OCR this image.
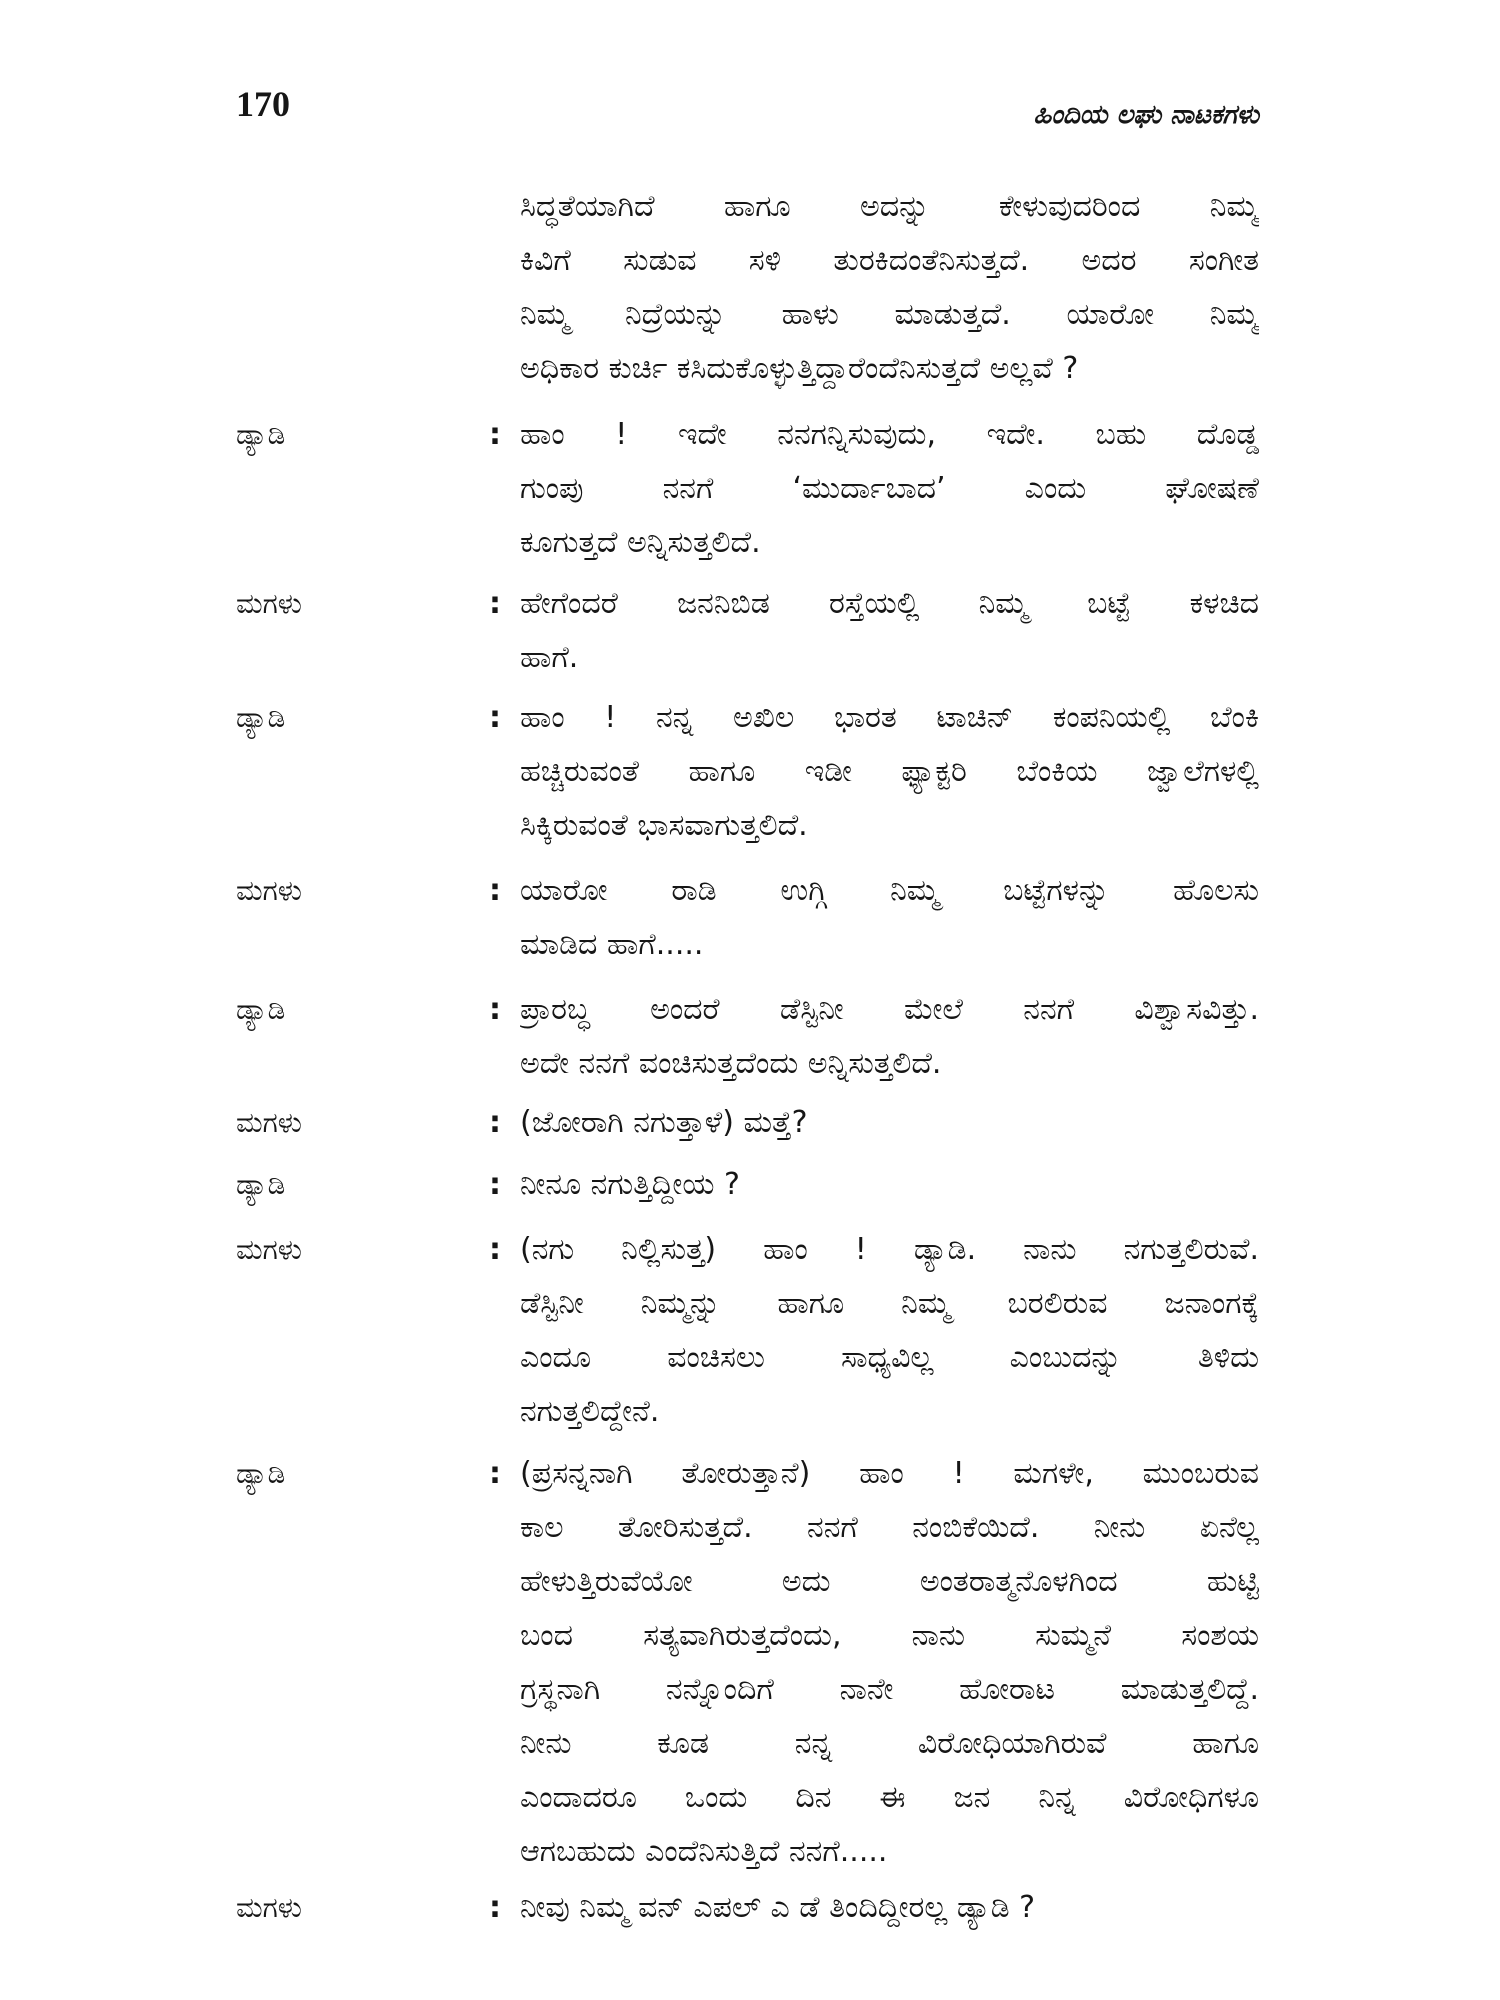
170	ಹಿಂದಿಯ ಲಘು ನಾಟಕಗಳು
ಸಿದ್ಧತೆಯಾಗಿದೆ ಹಾಗೂ ಅದನ್ನು ಕೇಳುವುದರಿಂದ ನಿಮ್ಮ
ಕಿವಿಗೆ ಸುಡುವ ಸಳಿ ತುರಕಿದಂತೆನಿಸುತ್ತದೆ. ಅದರ ಸಂಗೀತ
ನಿಮ್ಮ ನಿದ್ರೆಯನ್ನು ಹಾಳು ಮಾಡುತ್ತದೆ. ಯಾರೋ ನಿಮ್ಮ
ಅಧಿಕಾರ ಕುರ್ಚಿ ಕಸಿದುಕೊಳ್ಳುತ್ತಿದ್ದಾರೆಂದೆನಿಸುತ್ತದೆ ಅಲ್ಲವೆ ?
ಡ್ಯಾಡಿ	: ಹಾಂ ! ಇದೇ ನನಗನ್ನಿಸುವುದು, ಇದೇ. ಬಹು ದೊಡ್ಡ
ಗುಂಪು ನನಗೆ ‘ಮುರ್ದಾಬಾದ’ ಎಂದು ಘೋಷಣೆ
ಕೂಗುತ್ತದೆ ಅನ್ನಿಸುತ್ತಲಿದೆ.
ಮಗಳು	: ಹೇಗೆಂದರೆ ಜನನಿಬಿಡ ರಸ್ತೆಯಲ್ಲಿ ನಿಮ್ಮ ಬಟ್ಟೆ ಕಳಚಿದ
ಹಾಗೆ.
ಡ್ಯಾಡಿ	: ಹಾಂ ! ನನ್ನ ಅಖಿಲ ಭಾರತ ಟಾಚಿನ್ ಕಂಪನಿಯಲ್ಲಿ ಬೆಂಕಿ
ಹಚ್ಚಿರುವಂತೆ ಹಾಗೂ ಇಡೀ ಫ್ಯಾಕ್ಟರಿ ಬೆಂಕಿಯ ಜ್ವಾಲೆಗಳಲ್ಲಿ
ಸಿಕ್ಕಿರುವಂತೆ ಭಾಸವಾಗುತ್ತಲಿದೆ.
ಮಗಳು	: ಯಾರೋ ರಾಡಿ ಉಗ್ಗಿ ನಿಮ್ಮ ಬಟ್ಟೆಗಳನ್ನು ಹೊಲಸು
ಮಾಡಿದ ಹಾಗೆ.....
ಡ್ಯಾಡಿ	: ಪ್ರಾರಬ್ಧ ಅಂದರೆ ಡೆಸ್ಟಿನೀ ಮೇಲೆ ನನಗೆ ವಿಶ್ವಾಸವಿತ್ತು.
ಅದೇ ನನಗೆ ವಂಚಿಸುತ್ತದೆಂದು ಅನ್ನಿಸುತ್ತಲಿದೆ.
ಮಗಳು	: (ಜೋರಾಗಿ ನಗುತ್ತಾಳೆ) ಮತ್ತೆ?
ಡ್ಯಾಡಿ	: ನೀನೂ ನಗುತ್ತಿದ್ದೀಯ ?
ಮಗಳು	: (ನಗು ನಿಲ್ಲಿಸುತ್ತ) ಹಾಂ ! ಡ್ಯಾಡಿ. ನಾನು ನಗುತ್ತಲಿರುವೆ.
ಡೆಸ್ಟಿನೀ ನಿಮ್ಮನ್ನು ಹಾಗೂ ನಿಮ್ಮ ಬರಲಿರುವ ಜನಾಂಗಕ್ಕೆ
ಎಂದೂ ವಂಚಿಸಲು ಸಾಧ್ಯವಿಲ್ಲ ಎಂಬುದನ್ನು ತಿಳಿದು
ನಗುತ್ತಲಿದ್ದೇನೆ.
ಡ್ಯಾಡಿ	: (ಪ್ರಸನ್ನನಾಗಿ ತೋರುತ್ತಾನೆ) ಹಾಂ ! ಮಗಳೇ, ಮುಂಬರುವ
ಕಾಲ ತೋರಿಸುತ್ತದೆ. ನನಗೆ ನಂಬಿಕೆಯಿದೆ. ನೀನು ಏನೆಲ್ಲ
ಹೇಳುತ್ತಿರುವೆಯೋ ಅದು ಅಂತರಾತ್ಮನೊಳಗಿಂದ ಹುಟ್ಟಿ
ಬಂದ ಸತ್ಯವಾಗಿರುತ್ತದೆಂದು, ನಾನು ಸುಮ್ಮನೆ ಸಂಶಯ
ಗ್ರಸ್ಥನಾಗಿ ನನ್ನೊಂದಿಗೆ ನಾನೇ ಹೋರಾಟ ಮಾಡುತ್ತಲಿದ್ದೆ.
ನೀನು ಕೂಡ ನನ್ನ ವಿರೋಧಿಯಾಗಿರುವೆ ಹಾಗೂ
ಎಂದಾದರೂ ಒಂದು ದಿನ ಈ ಜನ ನಿನ್ನ ವಿರೋಧಿಗಳೂ
ಆಗಬಹುದು ಎಂದೆನಿಸುತ್ತಿದೆ ನನಗೆ.....
ಮಗಳು	: ನೀವು ನಿಮ್ಮ ವನ್ ಎಪಲ್ ಎ ಡೆ ತಿಂದಿದ್ದೀರಲ್ಲ ಡ್ಯಾಡಿ ?
